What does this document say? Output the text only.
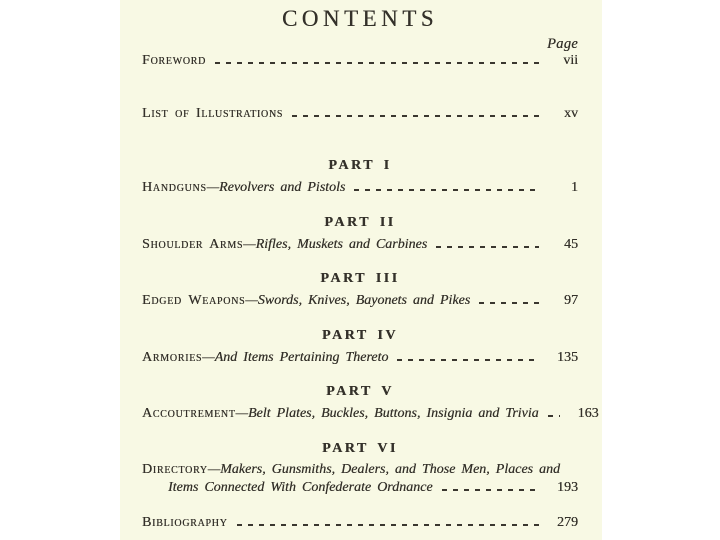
CONTENTS
Page
Foreword	vii
List of Illustrations	xv
PART I
Handguns —Revolvers and Pistols	1
PART II
Shoulder Arms —Rifles, Muskets and Carbines	45
PART III
Edged Weapons —Swords, Knives, Bayonets and Pikes	97
PART IV
Armories —And Items Pertaining Thereto	135
PART V
Accoutrement —Belt Plates, Buckles, Buttons, Insignia and Trivia	163
PART VI
Directory—Makers, Gunsmiths, Dealers, and Those Men, Places and
Items Connected With Confederate Ordnance	193
Bibliography	279
